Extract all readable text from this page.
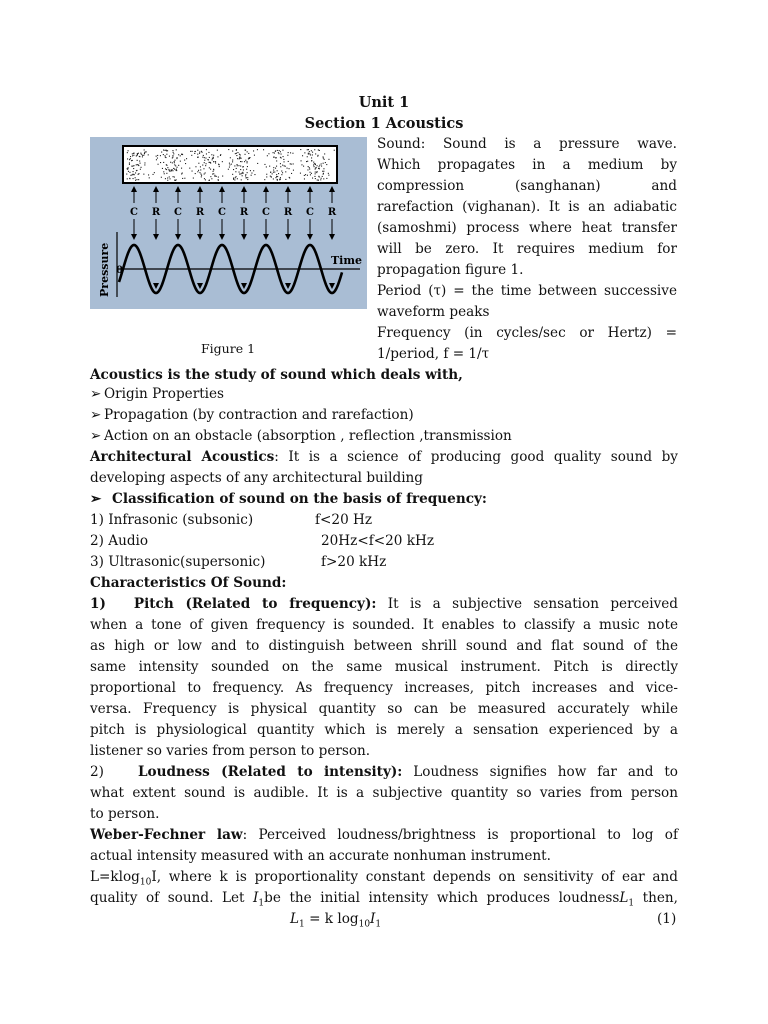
Unit 1
Section 1 Acoustics
C R C R C R C R C R
Pressure 0
Time
Figure 1
Sound: Sound is a pressure wave.
Which propagates in a medium by
compression (sanghanan) and
rarefaction (vighanan). It is an adiabatic
(samoshmi) process where heat transfer
will be zero. It requires medium for
propagation figure 1.
Period (τ) = the time between successive
waveform peaks
Frequency (in cycles/sec or Hertz) =
1/period, f = 1/τ
Acoustics is the study of sound which deals with,
➢ Origin Properties
➢ Propagation (by contraction and rarefaction)
➢ Action on an obstacle (absorption , reflection ,transmission
Architectural Acoustics: It is a science of producing good quality sound by
developing aspects of any architectural building
➢ Classification of sound on the basis of frequency:
1) Infrasonic (subsonic)	f<20 Hz
2) Audio	20Hz<f<20 kHz
3) Ultrasonic(supersonic)	f>20 kHz
Characteristics Of Sound:
1) Pitch (Related to frequency): It is a subjective sensation perceived
when a tone of given frequency is sounded. It enables to classify a music note
as high or low and to distinguish between shrill sound and flat sound of the
same intensity sounded on the same musical instrument. Pitch is directly
proportional to frequency. As frequency increases, pitch increases and vice-
versa. Frequency is physical quantity so can be measured accurately while
pitch is physiological quantity which is merely a sensation experienced by a
listener so varies from person to person.
2)	Loudness (Related to intensity): Loudness signifies how far and to
what extent sound is audible. It is a subjective quantity so varies from person
to person.
Weber-Fechner law: Perceived loudness/brightness is proportional to log of
actual intensity measured with an accurate nonhuman instrument.
L=klog$_{10}$I, where k is proportionality constant depends on sensitivity of ear and
quality of sound. Let $I_1be$ the initial intensity which produces loudnessL$_1$ then,
$L_1 = k$ $\log_{10}I_1$	(1)
